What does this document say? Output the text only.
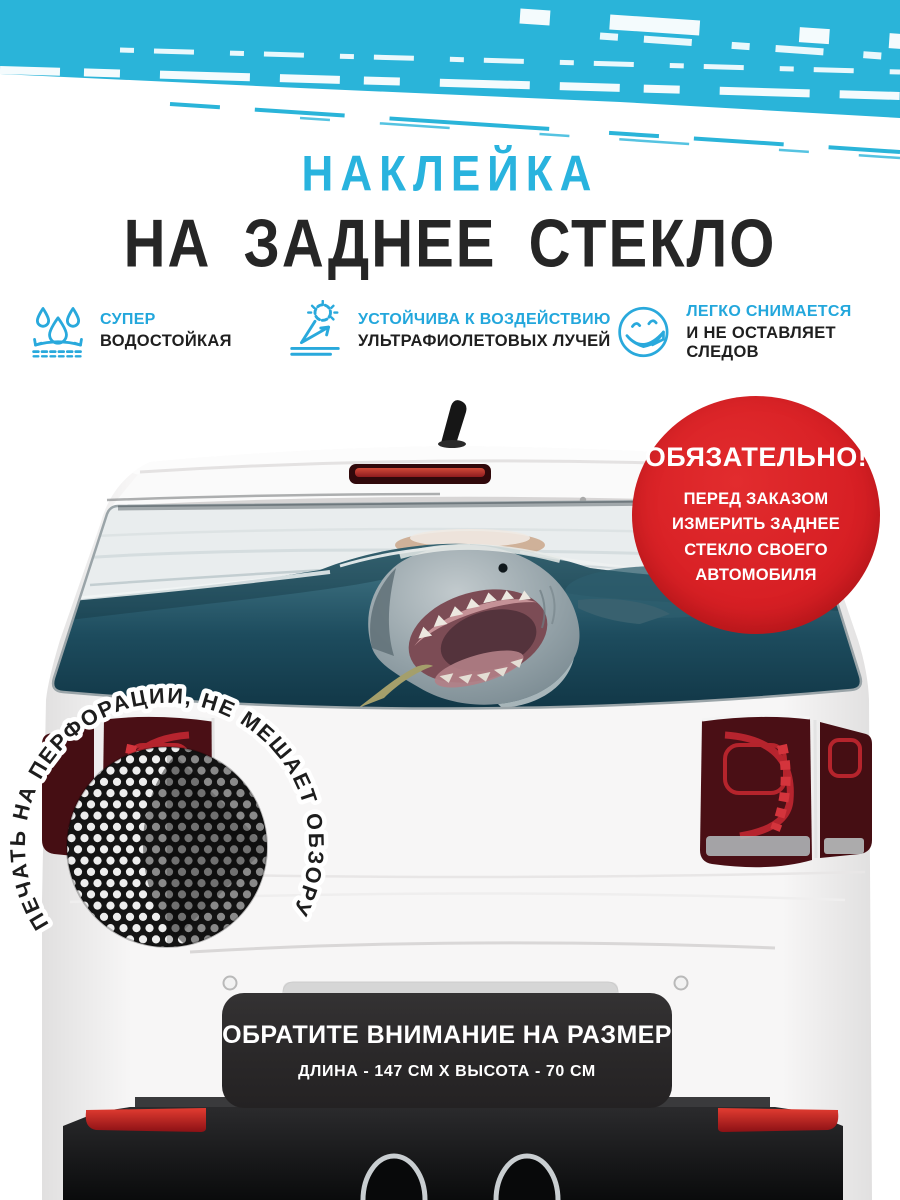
НАКЛЕЙКА
НА ЗАДНЕЕ СТЕКЛО
СУПЕР
ВОДОСТОЙКАЯ
УСТОЙЧИВА К ВОЗДЕЙСТВИЮ
УЛЬТРАФИОЛЕТОВЫХ ЛУЧЕЙ
ЛЕГКО СНИМАЕТСЯ
И НЕ ОСТАВЛЯЕТ СЛЕДОВ
ПЕЧАТЬ НА ПЕРФОРАЦИИ, НЕ МЕШАЕТ ОБЗОРУ
ОБЯЗАТЕЛЬНО!
ПЕРЕД ЗАКАЗОМ
ИЗМЕРИТЬ ЗАДНЕЕ
СТЕКЛО СВОЕГО
АВТОМОБИЛЯ
ОБРАТИТЕ ВНИМАНИЕ НА РАЗМЕР
ДЛИНА - 147 СМ Х ВЫСОТА - 70 СМ
